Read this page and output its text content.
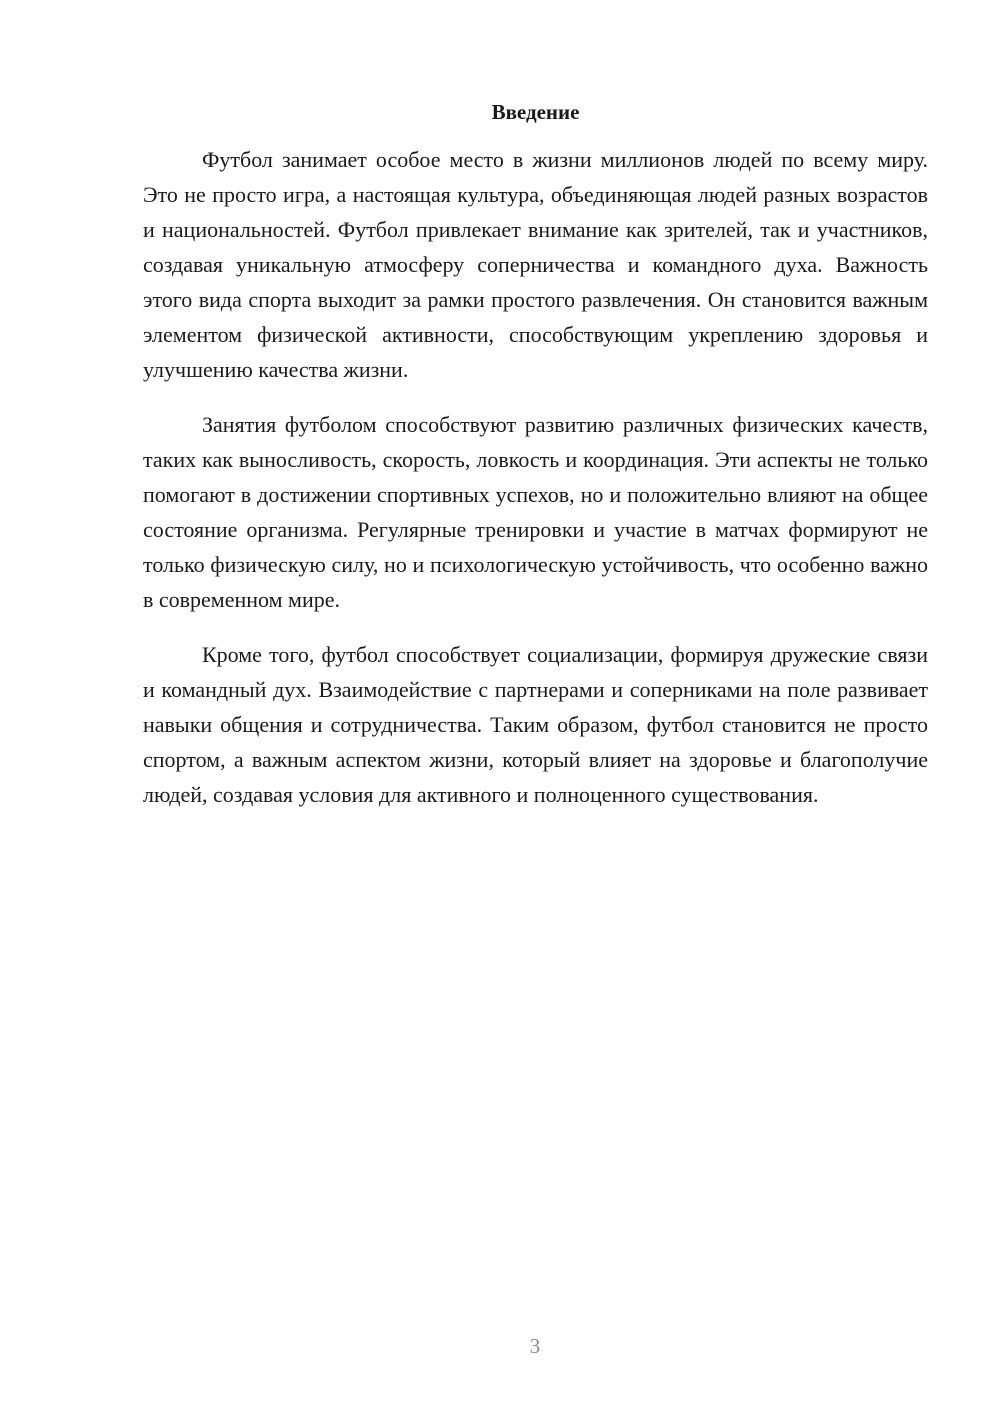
Введение

Футбол занимает особое место в жизни миллионов людей по всему миру. Это не просто игра, а настоящая культура, объединяющая людей разных возрастов и национальностей. Футбол привлекает внимание как зрителей, так и участников, создавая уникальную атмосферу соперничества и командного духа. Важность этого вида спорта выходит за рамки простого развлечения. Он становится важным элементом физической активности, способствующим укреплению здоровья и улучшению качества жизни.

Занятия футболом способствуют развитию различных физических качеств, таких как выносливость, скорость, ловкость и координация. Эти аспекты не только помогают в достижении спортивных успехов, но и положительно влияют на общее состояние организма. Регулярные тренировки и участие в матчах формируют не только физическую силу, но и психологическую устойчивость, что особенно важно в современном мире.

Кроме того, футбол способствует социализации, формируя дружеские связи и командный дух. Взаимодействие с партнерами и соперниками на поле развивает навыки общения и сотрудничества. Таким образом, футбол становится не просто спортом, а важным аспектом жизни, который влияет на здоровье и благополучие людей, создавая условия для активного и полноценного существования.

3
